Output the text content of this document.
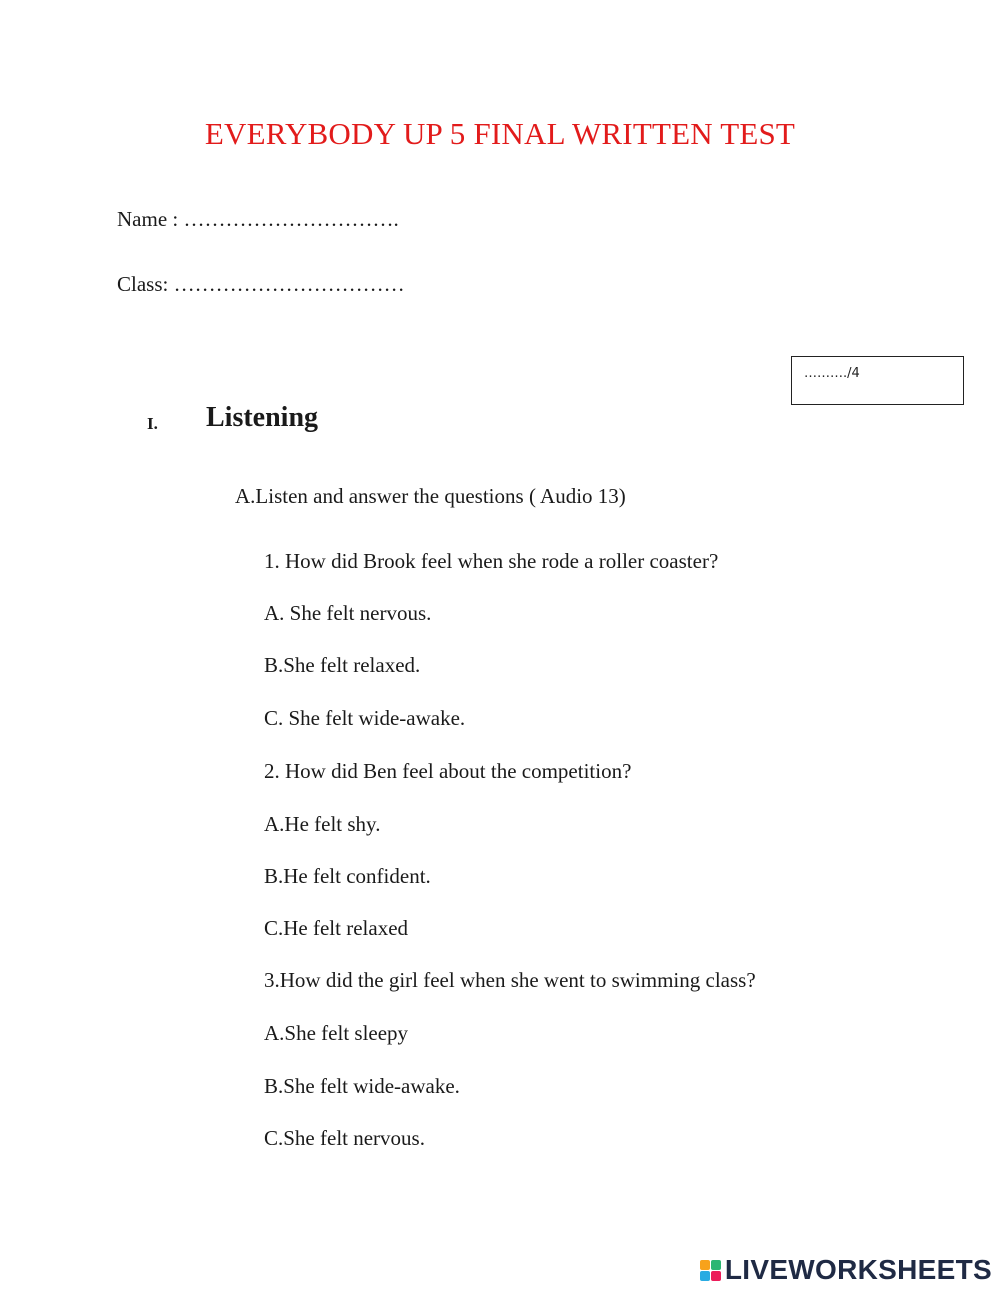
EVERYBODY UP 5 FINAL WRITTEN TEST
Name : ………………………….
Class: ……………………………
………./4
I. Listening
A.Listen and answer the questions ( Audio 13)
1. How did Brook feel when she rode a roller coaster?
A. She felt nervous.
B.She felt relaxed.
C. She felt wide-awake.
2. How did Ben feel about the competition?
A.He felt shy.
B.He felt confident.
C.He felt relaxed
3.How did the girl feel when she went to swimming class?
A.She felt sleepy
B.She felt wide-awake.
C.She felt nervous.
LIVEWORKSHEETS
